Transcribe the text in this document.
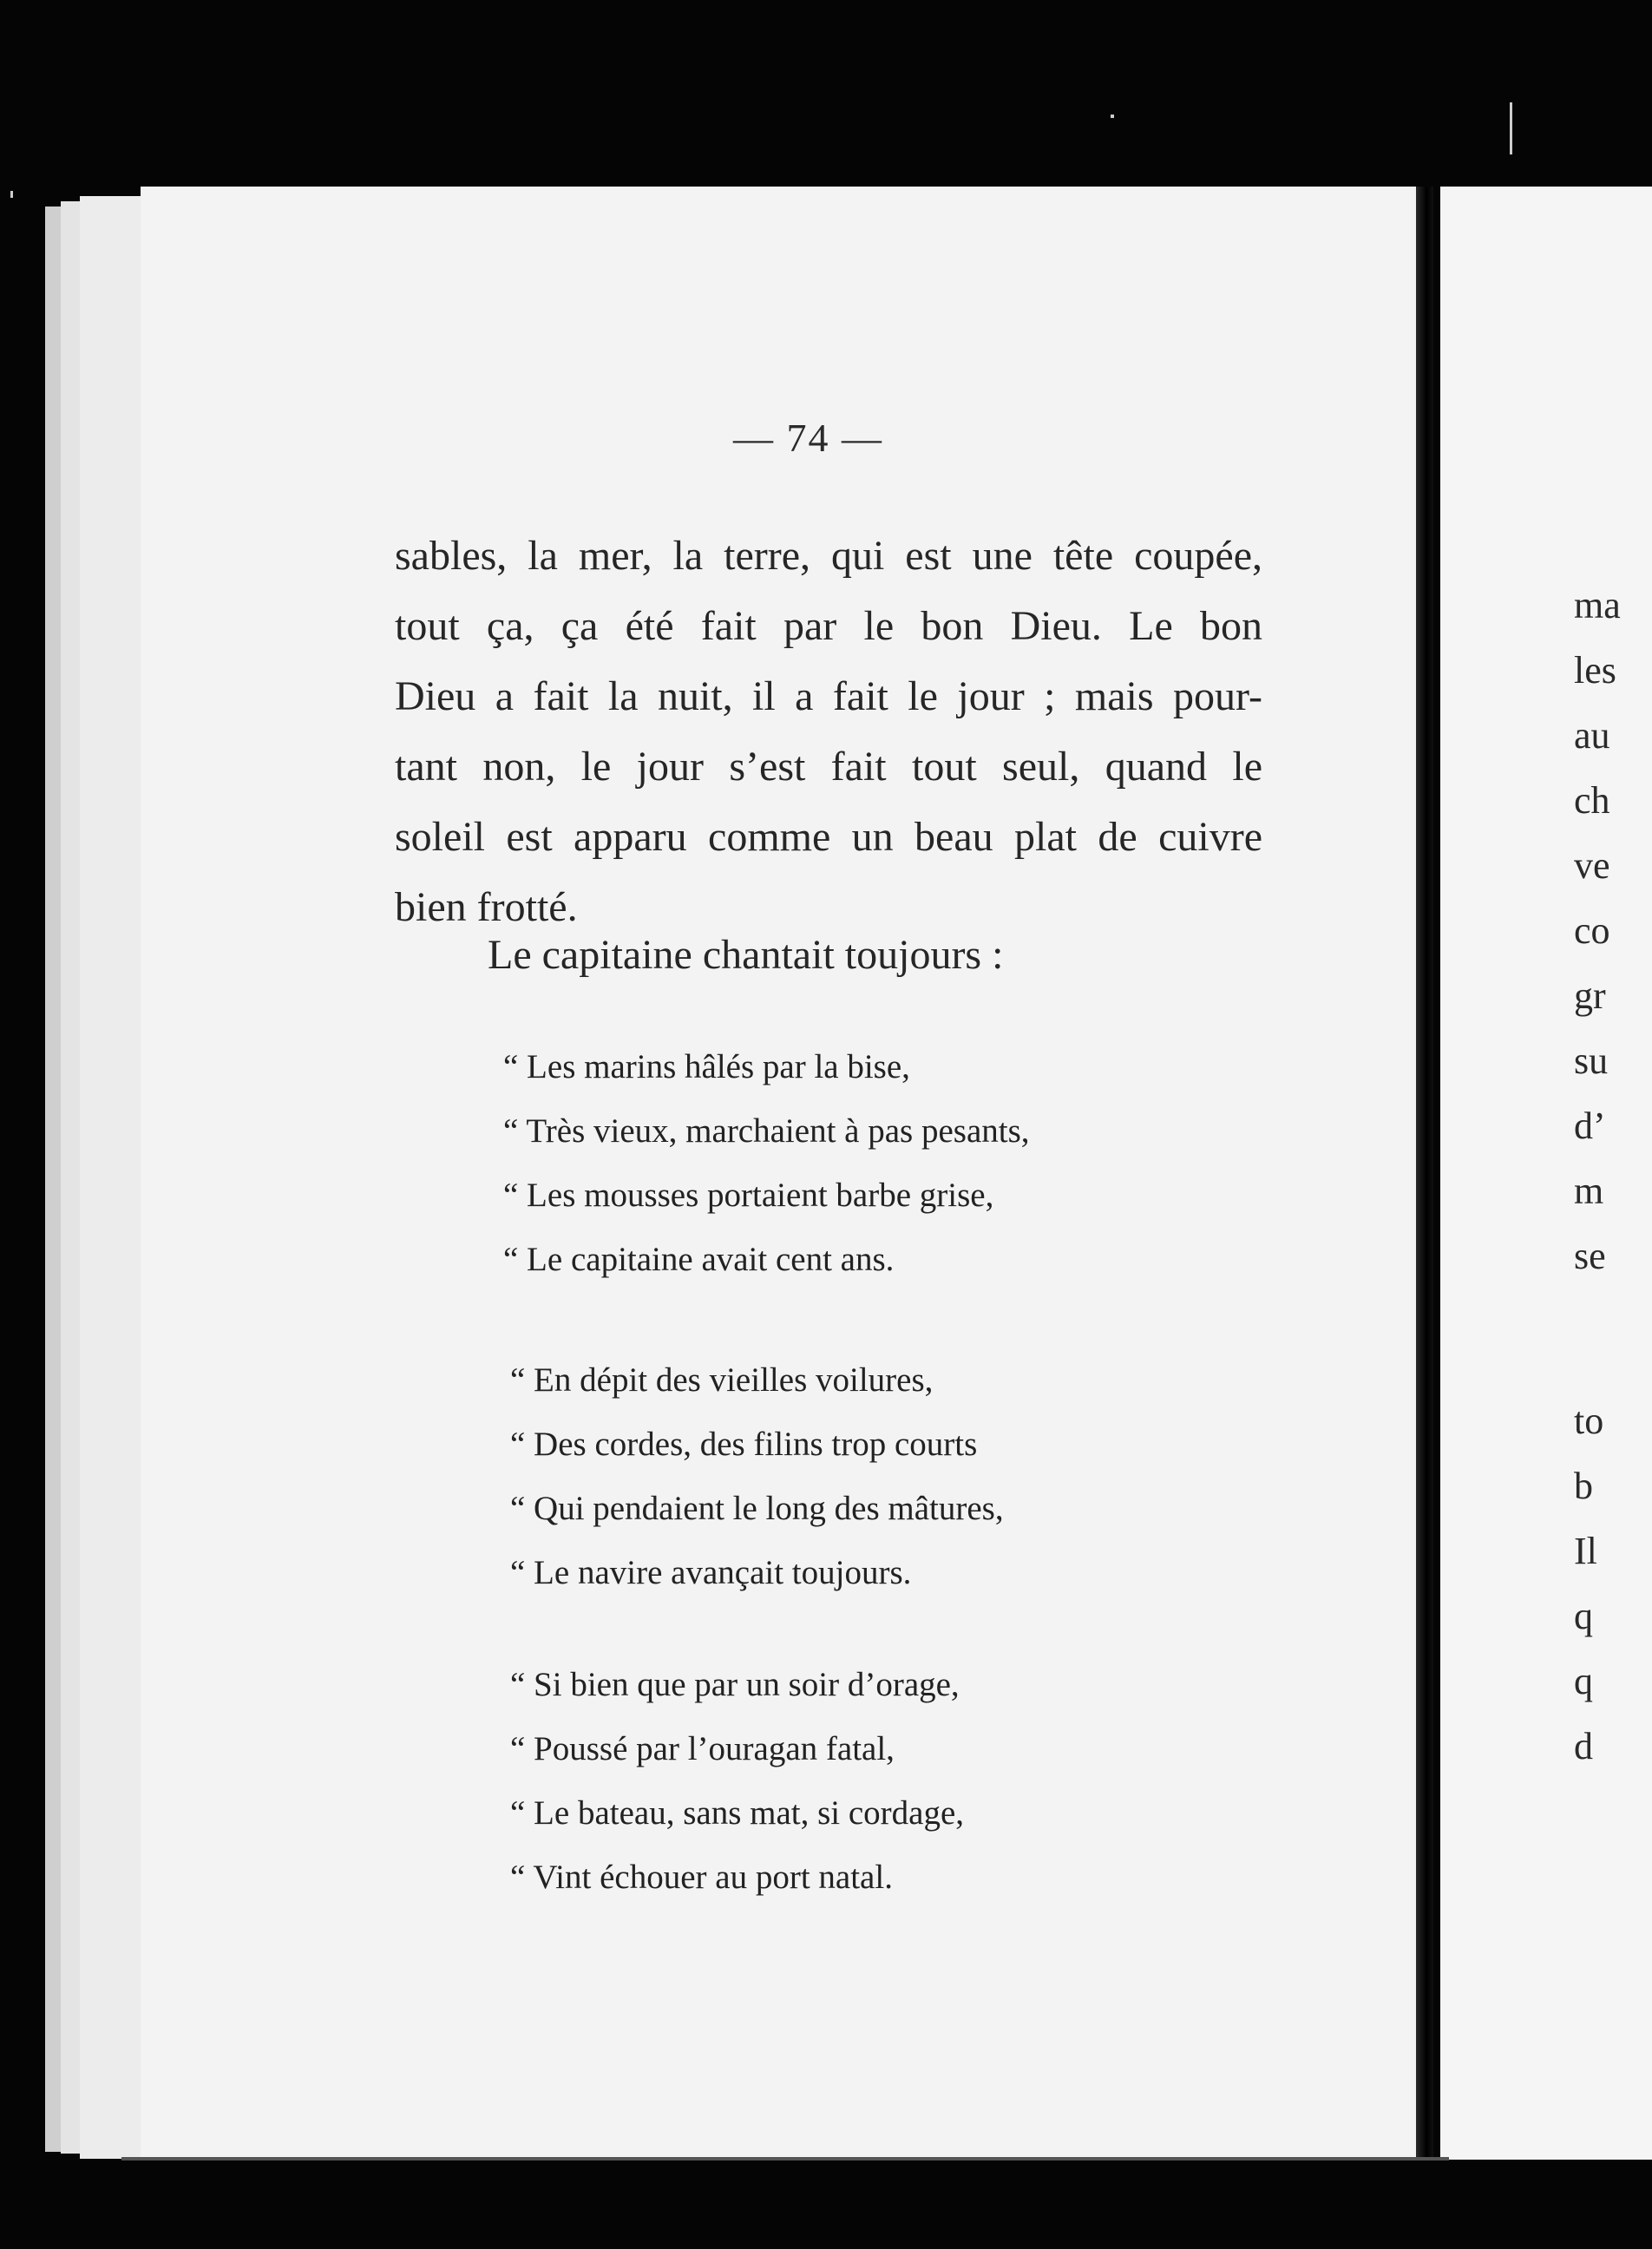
— 74 —
sables, la mer, la terre, qui est une tête coupée,
tout ça, ça été fait par le bon Dieu. Le bon
Dieu a fait la nuit, il a fait le jour ; mais pour-
tant non, le jour s’est fait tout seul, quand le
soleil est apparu comme un beau plat de cuivre
bien frotté.
Le capitaine chantait toujours :
“ Les marins hâlés par la bise,
“ Très vieux, marchaient à pas pesants,
“ Les mousses portaient barbe grise,
“ Le capitaine avait cent ans.
“ En dépit des vieilles voilures,
“ Des cordes, des filins trop courts
“ Qui pendaient le long des mâtures,
“ Le navire avançait toujours.
“ Si bien que par un soir d’orage,
“ Poussé par l’ouragan fatal,
“ Le bateau, sans mat, si cordage,
“ Vint échouer au port natal.
ma
les
au
ch
ve
co
gr
su
d’
m
se
to
b
Il
q
q
d
